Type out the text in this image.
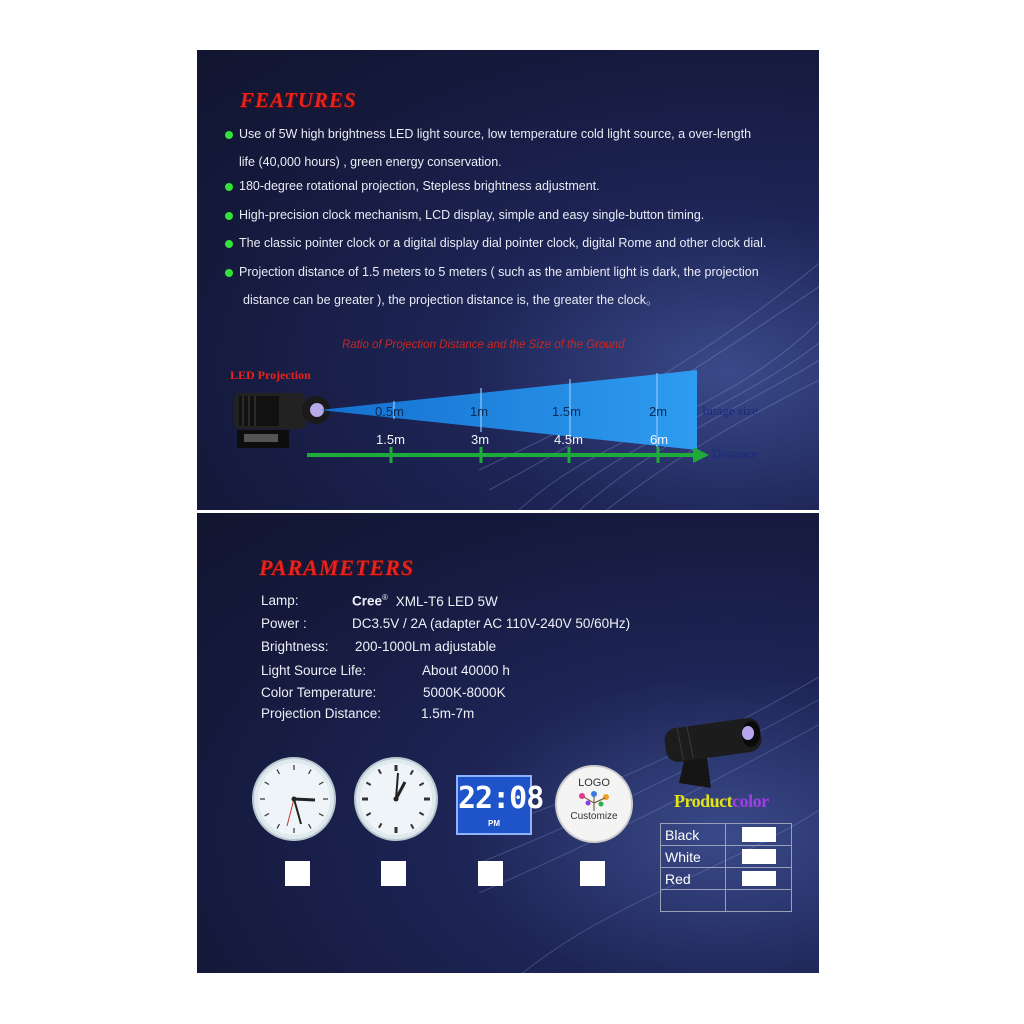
FEATURES
Use of 5W high brightness LED light source, low temperature cold light source, a over-length
life (40,000 hours) , green energy conservation.
180-degree rotational projection, Stepless brightness adjustment.
High-precision clock mechanism, LCD display, simple and easy single-button timing.
The classic pointer clock or a digital display dial pointer clock, digital Rome and other clock dial.
Projection distance of 1.5 meters to 5 meters ( such as the ambient light is dark, the projection
distance can be greater ), the projection distance is, the greater the clock。
Ratio of Projection Distance and the Size of the Ground
LED Projection
0.5m	1m	1.5m	2m	Image size
1.5m	3m	4.5m	6m
Distance
PARAMETERS
Lamp:	Cree® XML-T6 LED 5W
Power :	DC3.5V / 2A (adapter AC 110V-240V 50/60Hz)
Brightness: 200-1000Lm adjustable
Light Source Life:	About 40000 h
Color Temperature:	5000K-8000K
Projection Distance:	1.5m-7m
22:08
PM
LOGO
Customize
Productcolor
Black	

White	

Red	
